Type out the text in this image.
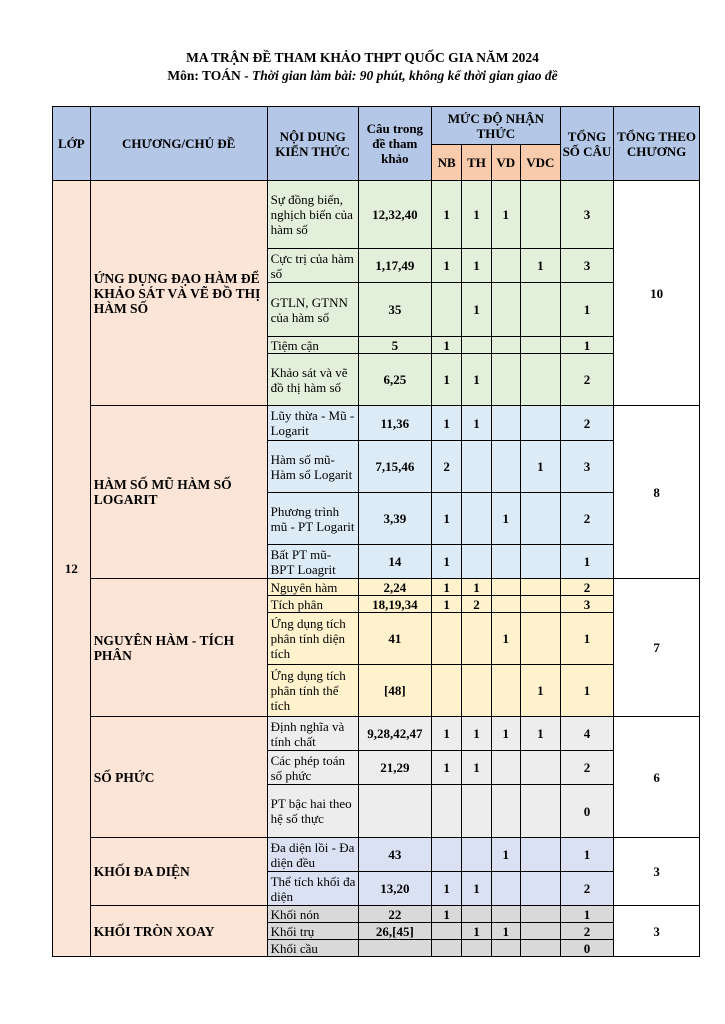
MA TRẬN ĐỀ THAM KHẢO THPT QUỐC GIA NĂM 2024
Môn: TOÁN - Thời gian làm bài: 90 phút, không kể thời gian giao đề
LỚP	CHƯƠNG/CHỦ ĐỀ	NỘI DUNG KIẾN THỨC	Câu trong đề tham khảo	MỨC ĐỘ NHẬN THỨC				TỔNG SỐ CÂU	TỔNG THEO CHƯƠNG
				NB	TH	VD	VDC		
12	ỨNG DỤNG ĐẠO HÀM ĐỂ KHẢO SÁT VÀ VẼ ĐỒ THỊ HÀM SỐ	Sự đồng biến, nghịch biến của hàm số	12,32,40	1	1	1		3	10
		Cực trị của hàm số	1,17,49	1	1		1	3	
		GTLN, GTNN của hàm số	35		1			1	
		Tiệm cận	5	1				1	
		Khảo sát và vẽ đồ thị hàm số	6,25	1	1			2	
	HÀM SỐ MŨ HÀM SỐ LOGARIT	Lũy thừa - Mũ - Logarit	11,36	1	1			2	8
		Hàm số mũ- Hàm số Logarit	7,15,46	2			1	3	
		Phương trình mũ - PT Logarit	3,39	1		1		2	
		Bất PT mũ- BPT Loagrit	14	1				1	
	NGUYÊN HÀM - TÍCH PHÂN	Nguyên hàm	2,24	1	1			2	7
		Tích phân	18,19,34	1	2			3	
		Ứng dụng tích phân tính diện tích	41			1		1	
		Ứng dụng tích phân tính thể tích	[48]				1	1	
	SỐ PHỨC	Định nghĩa và tính chất	9,28,42,47	1	1	1	1	4	6
		Các phép toán số phức	21,29	1	1			2	
		PT bậc hai theo hệ số thực						0	
	KHỐI ĐA DIỆN	Đa diện lồi - Đa diện đều	43			1		1	3
		Thể tích khối đa diện	13,20	1	1			2	
	KHỐI TRÒN XOAY	Khối nón	22	1				1	3
		Khối trụ	26,[45]		1	1		2	
		Khối cầu						0	
